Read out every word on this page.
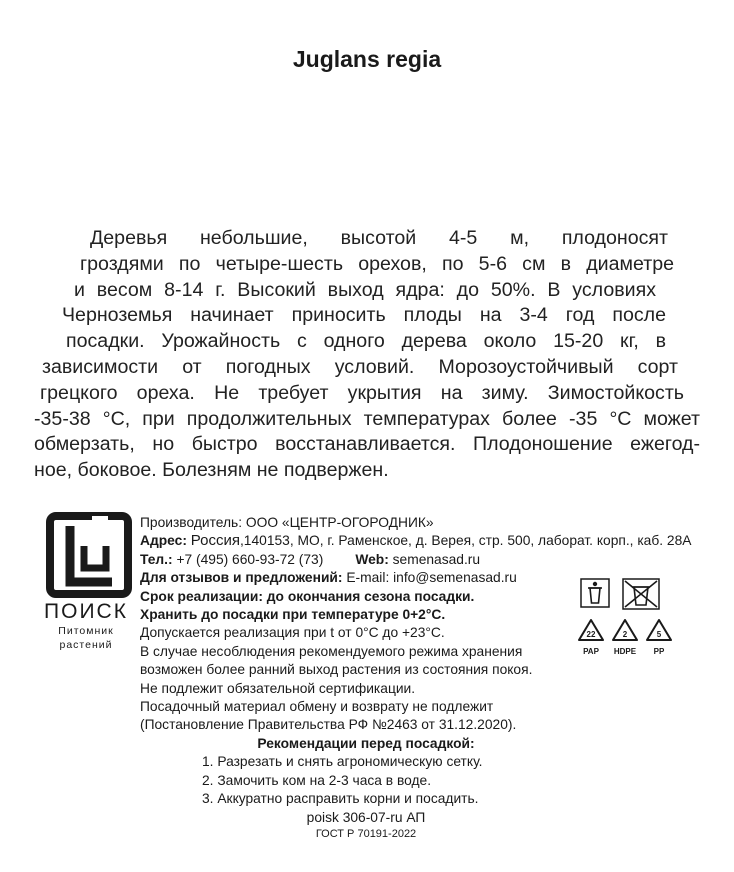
Juglans regia
Деревья небольшие, высотой 4-5 м, плодоносят
гроздями по четыре-шесть орехов, по 5-6 см в диаметре
и весом 8-14 г. Высокий выход ядра: до 50%. В условиях
Черноземья начинает приносить плоды на 3-4 год после
посадки. Урожайность с одного дерева около 15-20 кг, в
зависимости от погодных условий. Морозоустойчивый сорт
грецкого ореха. Не требует укрытия на зиму. Зимостойкость
-35-38 °С, при продолжительных температурах более -35 °С может
обмерзать, но быстро восстанавливается. Плодоношение ежегод-
ное, боковое. Болезням не подвержен.
ПОИСК
Питомник
растений
Производитель: ООО «ЦЕНТР-ОГОРОДНИК»
Адрес: Россия,140153, МО, г. Раменское, д. Верея, стр. 500, лаборат. корп., каб. 28А
Тел.: +7 (495) 660-93-72 (73) Web: semenasad.ru
Для отзывов и предложений: E-mail: info@semenasad.ru
Срок реализации: до окончания сезона посадки.
Хранить до посадки при температуре 0+2°С.
Допускается реализация при t от 0°С до +23°С.
В случае несоблюдения рекомендуемого режима хранения
возможен более ранний выход растения из состояния покоя.
Не подлежит обязательной сертификации.
Посадочный материал обмену и возврату не подлежит
(Постановление Правительства РФ №2463 от 31.12.2020).
Рекомендации перед посадкой:
1. Разрезать и снять агрономическую сетку.
2. Замочить ком на 2-3 часа в воде.
3. Аккуратно расправить корни и посадить.
poisk 306-07-ru АП
ГОСТ Р 70191-2022
22
PAP
2
HDPE
5
PP
